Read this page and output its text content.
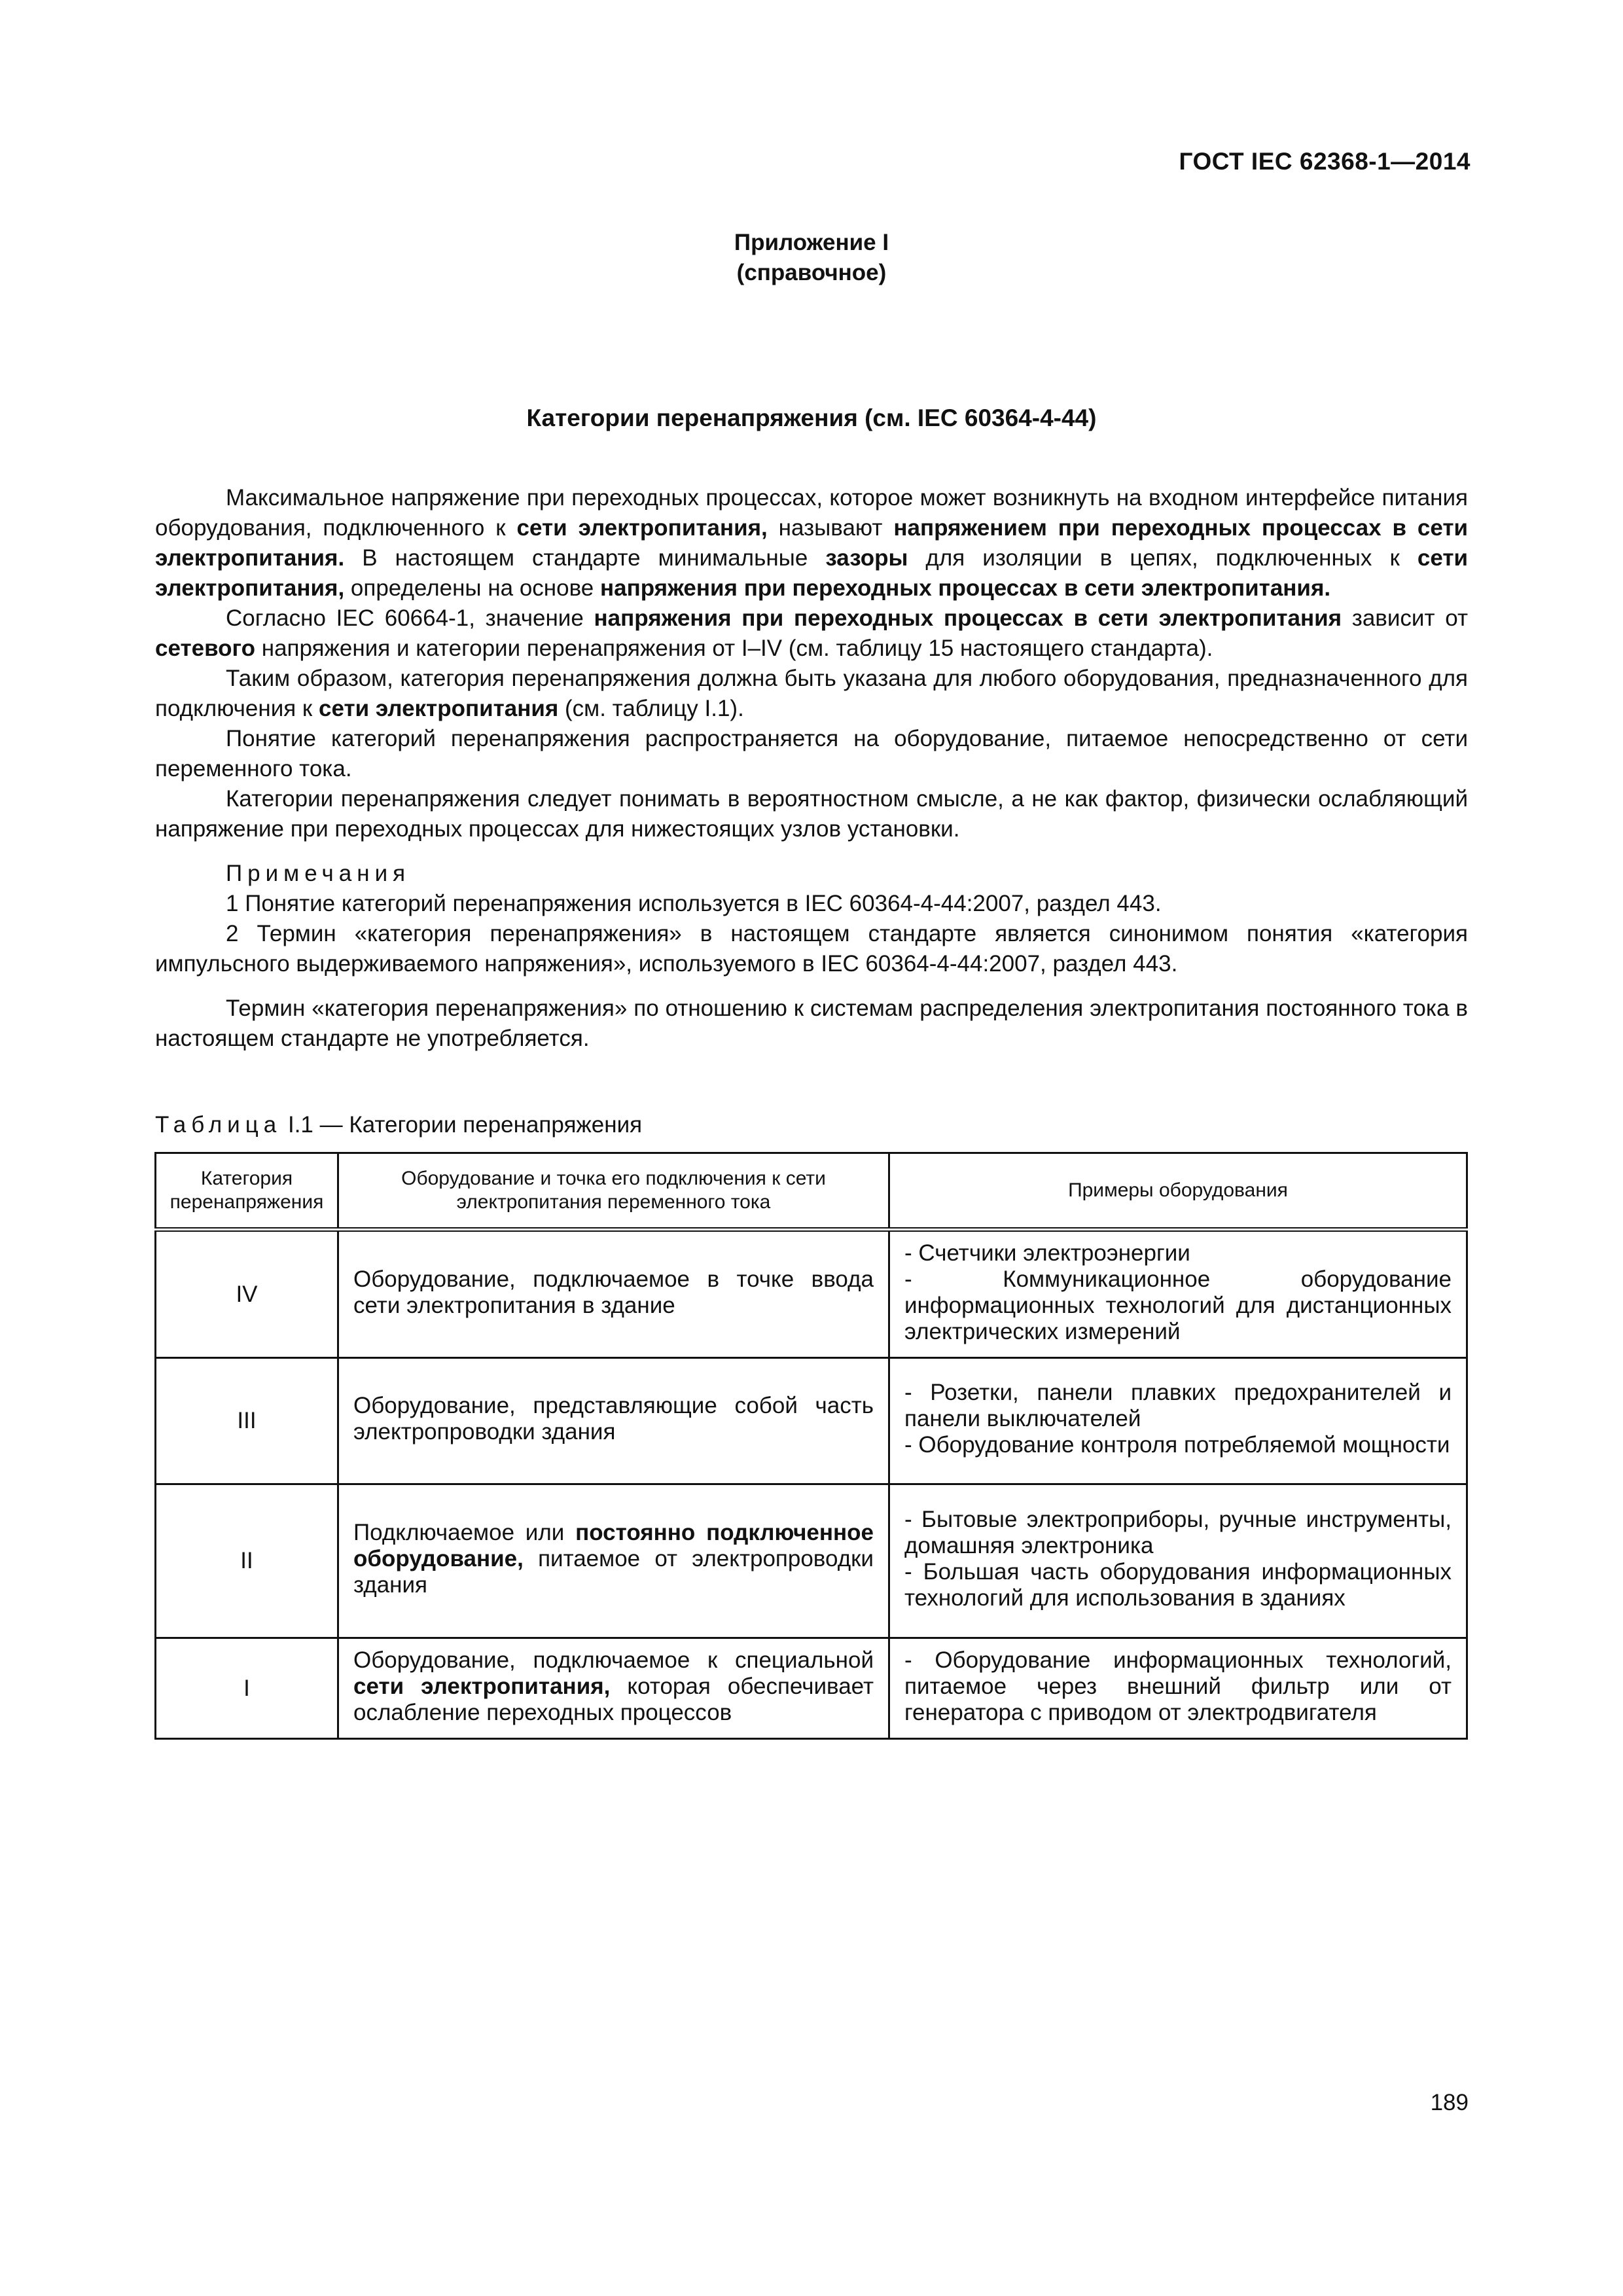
ГОСТ IEC 62368-1—2014
Приложение I
(справочное)
Категории перенапряжения (см. IEC 60364-4-44)

Максимальное напряжение при переходных процессах, которое может возникнуть на входном интерфейсе питания оборудования, подключенного к сети электропитания, называют напряжением при переходных процессах в сети электропитания. В настоящем стандарте минимальные зазоры для изоляции в цепях, подключенных к сети электропитания, определены на основе напряжения при переходных процессах в сети электропитания.

Согласно IEC 60664-1, значение напряжения при переходных процессах в сети электропитания зависит от сетевого напряжения и категории перенапряжения от I–IV (см. таблицу 15 настоящего стандарта).

Таким образом, категория перенапряжения должна быть указана для любого оборудования, предназначенного для подключения к сети электропитания (см. таблицу I.1).

Понятие категорий перенапряжения распространяется на оборудование, питаемое непосредственно от сети переменного тока.

Категории перенапряжения следует понимать в вероятностном смысле, а не как фактор, физически ослабляющий напряжение при переходных процессах для нижестоящих узлов установки.

Примечания

1 Понятие категорий перенапряжения используется в IEC 60364-4-44:2007, раздел 443.

2 Термин «категория перенапряжения» в настоящем стандарте является синонимом понятия «категория импульсного выдерживаемого напряжения», используемого в IEC 60364-4-44:2007, раздел 443.

Термин «категория перенапряжения» по отношению к системам распределения электропитания постоянного тока в настоящем стандарте не употребляется.

Таблица I.1 — Категории перенапряжения
Категория перенапряжения	Оборудование и точка его подключения к сети электропитания переменного тока	Примеры оборудования
IV	Оборудование, подключаемое в точке ввода сети электропитания в здание	- Счетчики электроэнергии
- Коммуникационное оборудование информационных технологий для дистанционных электрических измерений

III	Оборудование, представляющие собой часть электропроводки здания	- Розетки, панели плавких предохранителей и панели выключателей
- Оборудование контроля потребляемой мощности

II	Подключаемое или постоянно подключенное оборудование, питаемое от электропроводки здания	- Бытовые электроприборы, ручные инструменты, домашняя электроника
- Большая часть оборудования информационных технологий для использования в зданиях

I	Оборудование, подключаемое к специальной сети электропитания, которая обеспечивает ослабление переходных процессов	- Оборудование информационных технологий, питаемое через внешний фильтр или от генератора с приводом от электродвигателя
189
